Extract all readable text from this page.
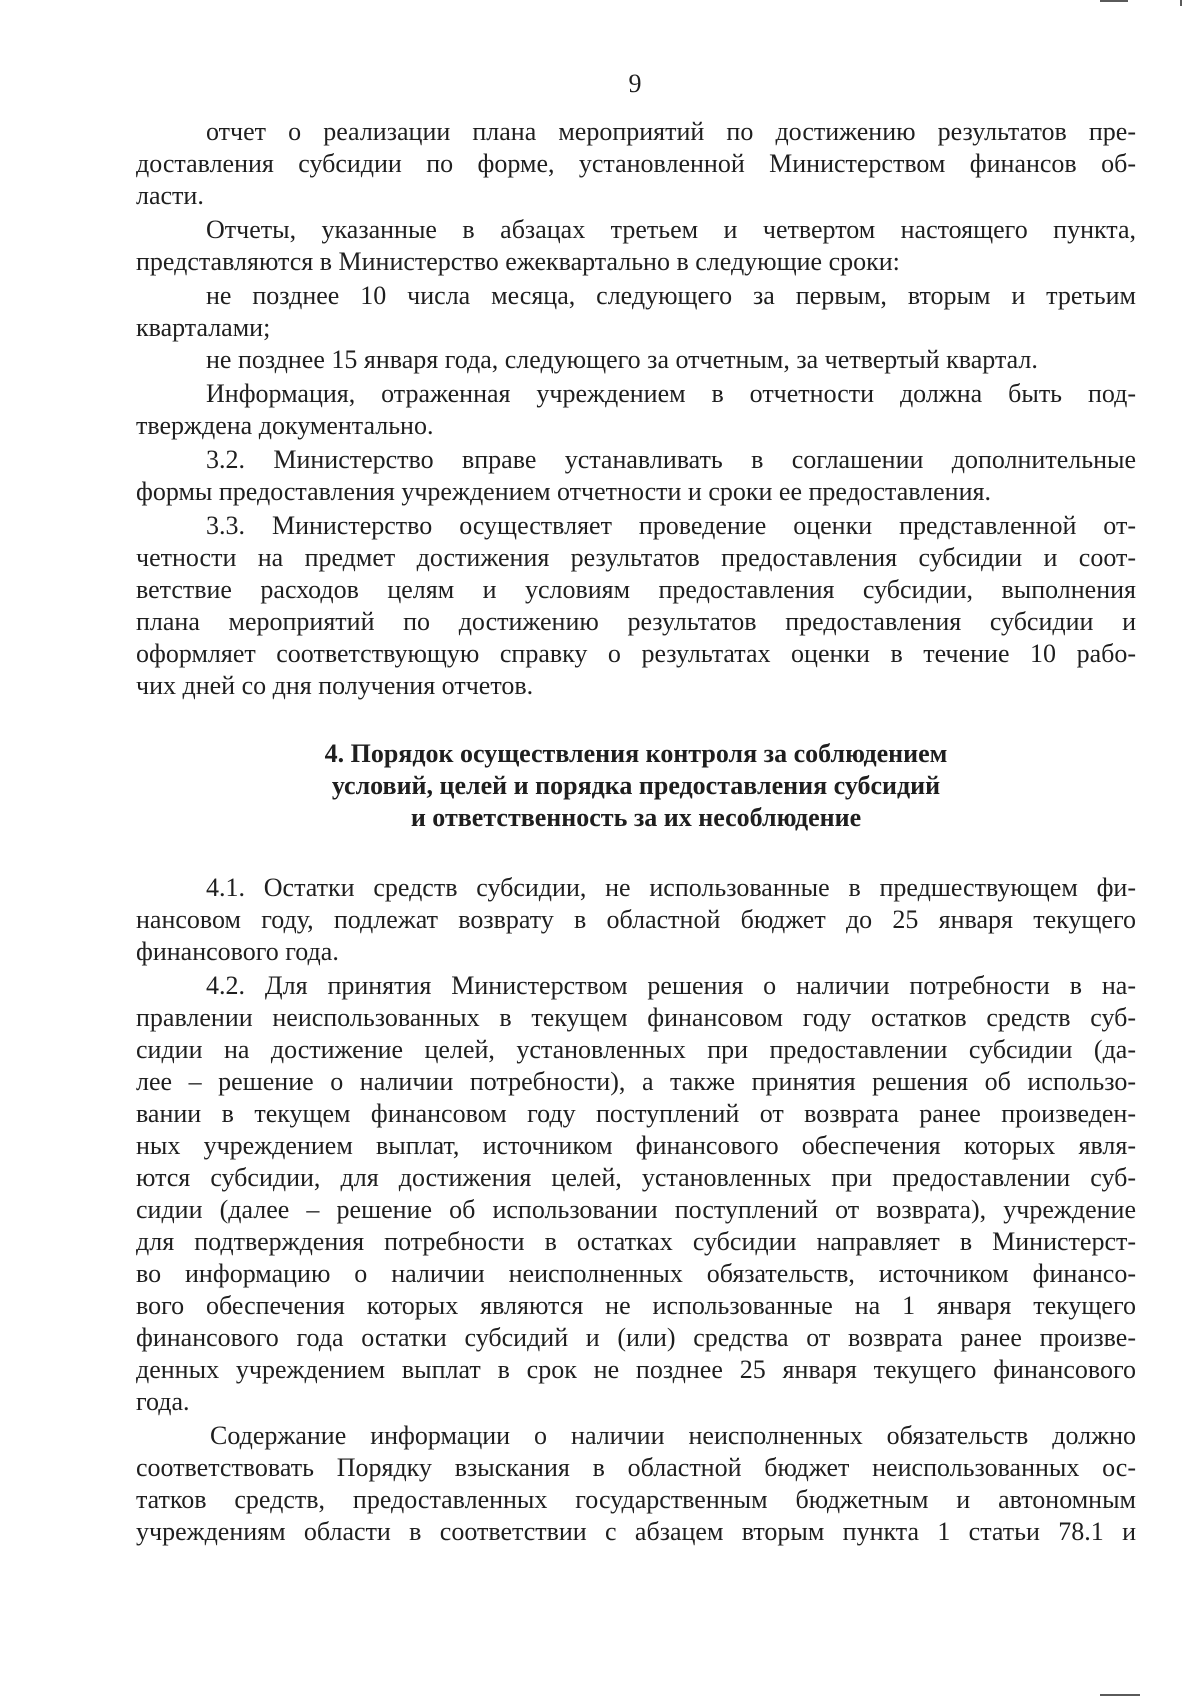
9
отчет о реализации плана мероприятий по достижению результатов пре-
доставления субсидии по форме, установленной Министерством финансов об-
ласти.
Отчеты, указанные в абзацах третьем и четвертом настоящего пункта,
представляются в Министерство ежеквартально в следующие сроки:
не позднее 10 числа месяца, следующего за первым, вторым и третьим
кварталами;
не позднее 15 января года, следующего за отчетным, за четвертый квартал.
Информация, отраженная учреждением в отчетности должна быть под-
тверждена документально.
3.2. Министерство вправе устанавливать в соглашении дополнительные
формы предоставления учреждением отчетности и сроки ее предоставления.
3.3. Министерство осуществляет проведение оценки представленной от-
четности на предмет достижения результатов предоставления субсидии и соот-
ветствие расходов целям и условиям предоставления субсидии, выполнения
плана мероприятий по достижению результатов предоставления субсидии и
оформляет соответствующую справку о результатах оценки в течение 10 рабо-
чих дней со дня получения отчетов.
4. Порядок осуществления контроля за соблюдением
условий, целей и порядка предоставления субсидий
и ответственность за их несоблюдение
4.1. Остатки средств субсидии, не использованные в предшествующем фи-
нансовом году, подлежат возврату в областной бюджет до 25 января текущего
финансового года.
4.2. Для принятия Министерством решения о наличии потребности в на-
правлении неиспользованных в текущем финансовом году остатков средств суб-
сидии на достижение целей, установленных при предоставлении субсидии (да-
лее – решение о наличии потребности), а также принятия решения об использо-
вании в текущем финансовом году поступлений от возврата ранее произведен-
ных учреждением выплат, источником финансового обеспечения которых явля-
ются субсидии, для достижения целей, установленных при предоставлении суб-
сидии (далее – решение об использовании поступлений от возврата), учреждение
для подтверждения потребности в остатках субсидии направляет в Министерст-
во информацию о наличии неисполненных обязательств, источником финансо-
вого обеспечения которых являются не использованные на 1 января текущего
финансового года остатки субсидий и (или) средства от возврата ранее произве-
денных учреждением выплат в срок не позднее 25 января текущего финансового
года.
Содержание информации о наличии неисполненных обязательств должно
соответствовать Порядку взыскания в областной бюджет неиспользованных ос-
татков средств, предоставленных государственным бюджетным и автономным
учреждениям области в соответствии с абзацем вторым пункта 1 статьи 78.1 и
